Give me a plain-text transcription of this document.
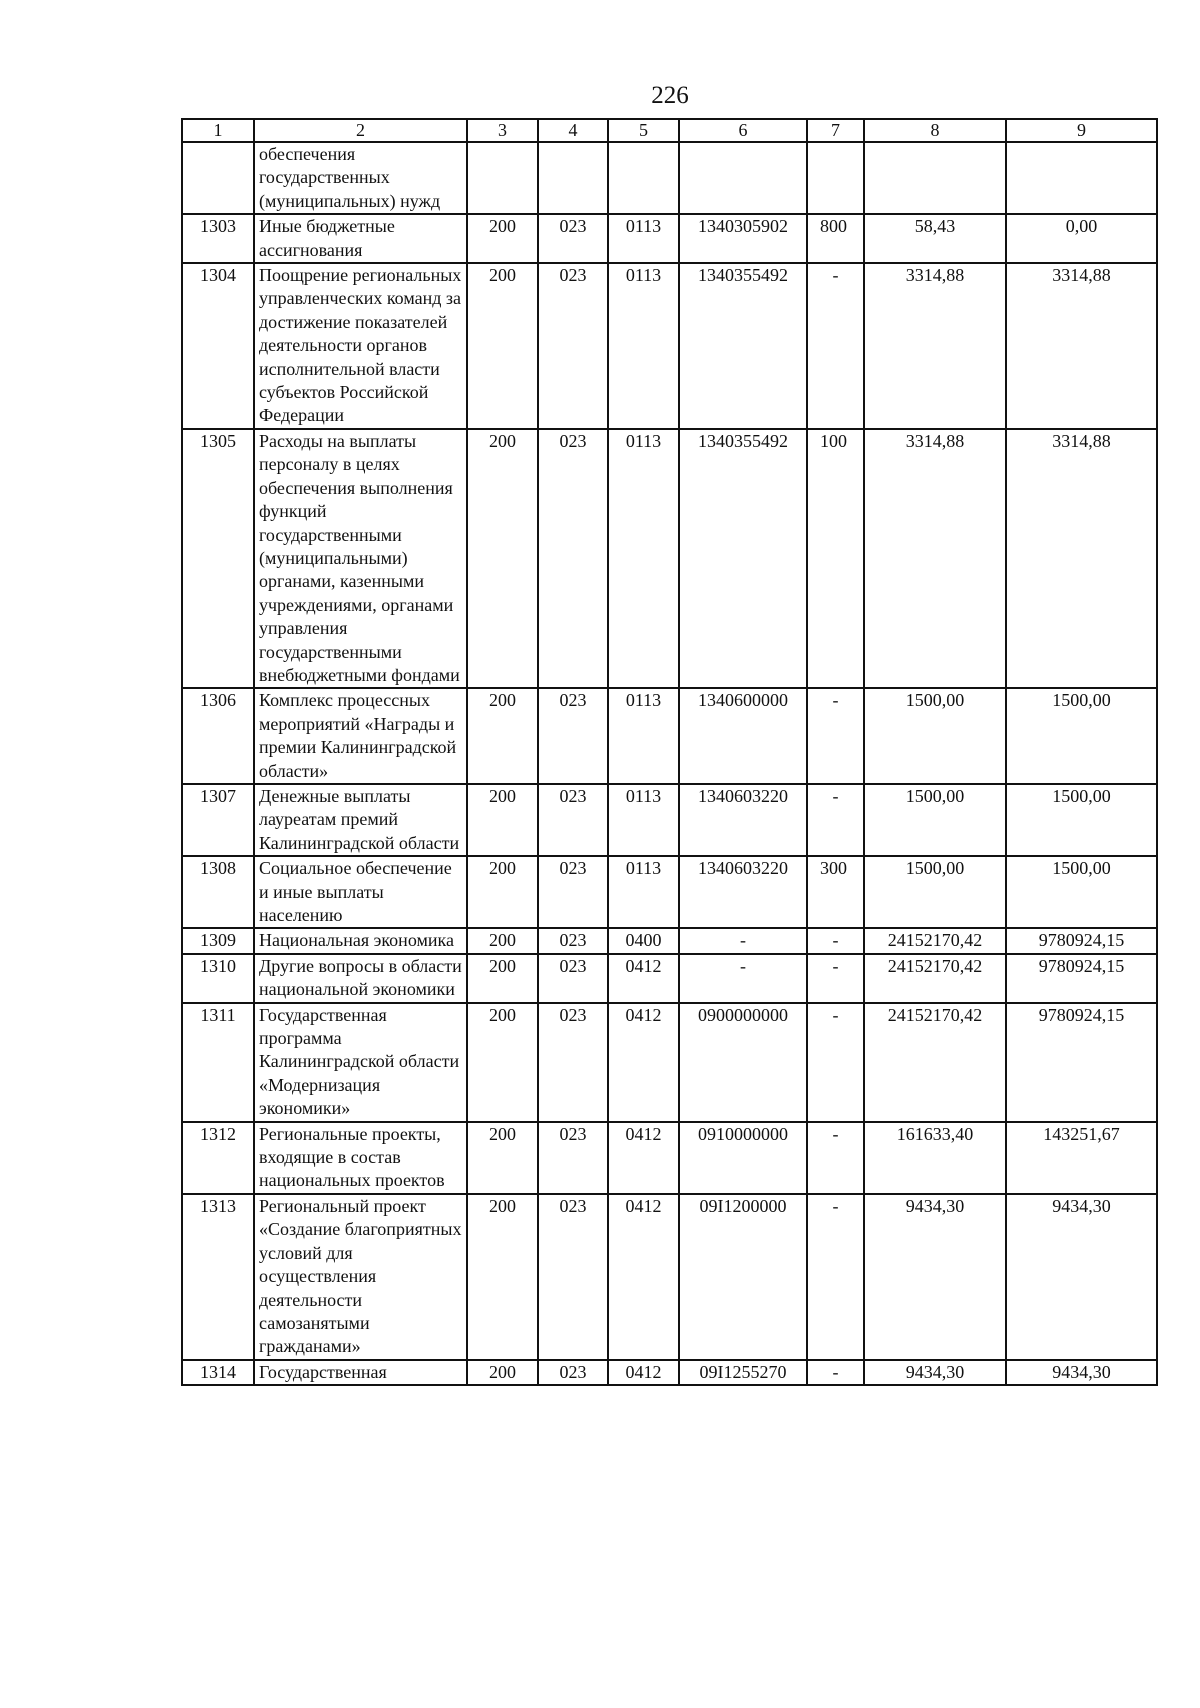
226
1	2	3	4	5	6	7	8	9
	обеспечения государственных (муниципальных) нужд							
1303	Иные бюджетные ассигнования	200	023	0113	1340305902	800	58,43	0,00
1304	Поощрение региональных управленческих команд за достижение показателей деятельности органов исполнительной власти субъектов Российской Федерации	200	023	0113	1340355492	-	3314,88	3314,88
1305	Расходы на выплаты персоналу в целях обеспечения выполнения функций государственными (муниципальными) органами, казенными учреждениями, органами управления государственными внебюджетными фондами	200	023	0113	1340355492	100	3314,88	3314,88
1306	Комплекс процессных мероприятий «Награды и премии Калининградской области»	200	023	0113	1340600000	-	1500,00	1500,00
1307	Денежные выплаты лауреатам премий Калининградской области	200	023	0113	1340603220	-	1500,00	1500,00
1308	Социальное обеспечение и иные выплаты населению	200	023	0113	1340603220	300	1500,00	1500,00
1309	Национальная экономика	200	023	0400	-	-	24152170,42	9780924,15
1310	Другие вопросы в области национальной экономики	200	023	0412	-	-	24152170,42	9780924,15
1311	Государственная программа Калининградской области «Модернизация экономики»	200	023	0412	0900000000	-	24152170,42	9780924,15
1312	Региональные проекты, входящие в состав национальных проектов	200	023	0412	0910000000	-	161633,40	143251,67
1313	Региональный проект «Создание благоприятных условий для осуществления деятельности самозанятыми гражданами»	200	023	0412	09I1200000	-	9434,30	9434,30
1314	Государственная	200	023	0412	09I1255270	-	9434,30	9434,30
